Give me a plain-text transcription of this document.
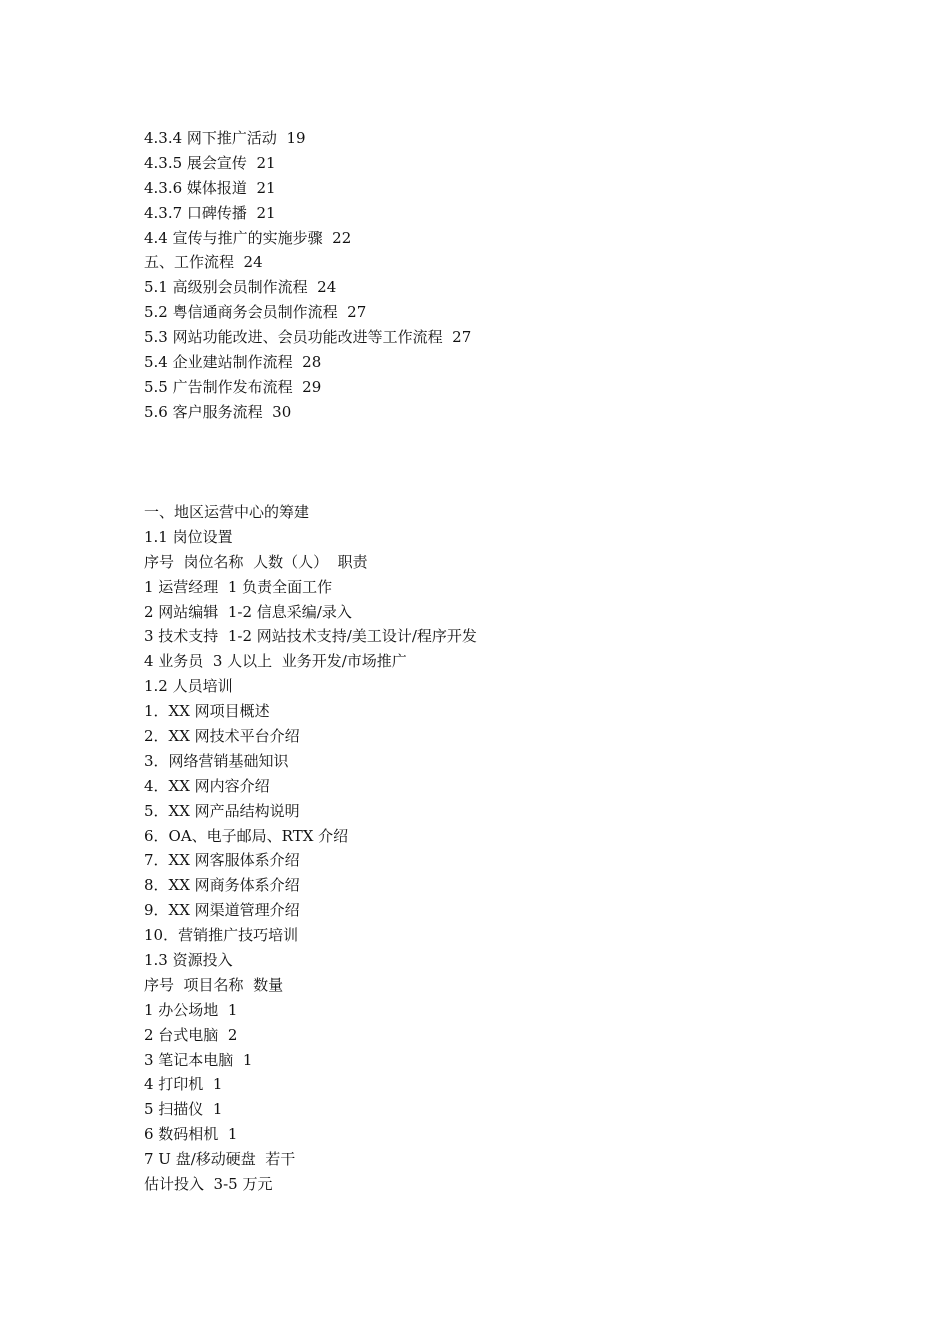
4.3.4 网下推广活动  19
4.3.5 展会宣传  21
4.3.6 媒体报道  21
4.3.7 口碑传播  21
4.4 宣传与推广的实施步骤  22
五、工作流程  24
5.1 高级别会员制作流程  24
5.2 粤信通商务会员制作流程  27
5.3 网站功能改进、会员功能改进等工作流程  27
5.4 企业建站制作流程  28
5.5 广告制作发布流程  29
5.6 客户服务流程  30
一、地区运营中心的筹建
1.1 岗位设置
序号  岗位名称  人数（人）  职责
1 运营经理  1 负责全面工作
2 网站编辑  1-2 信息采编/录入
3 技术支持  1-2 网站技术支持/美工设计/程序开发
4 业务员  3 人以上  业务开发/市场推广
1.2 人员培训
1．XX 网项目概述
2．XX 网技术平台介绍
3．网络营销基础知识
4．XX 网内容介绍
5．XX 网产品结构说明
6．OA、电子邮局、RTX 介绍
7．XX 网客服体系介绍
8．XX 网商务体系介绍
9．XX 网渠道管理介绍
10．营销推广技巧培训
1.3 资源投入
序号  项目名称  数量
1 办公场地  1
2 台式电脑  2
3 笔记本电脑  1
4 打印机  1
5 扫描仪  1
6 数码相机  1
7 U 盘/移动硬盘  若干
估计投入  3-5 万元
